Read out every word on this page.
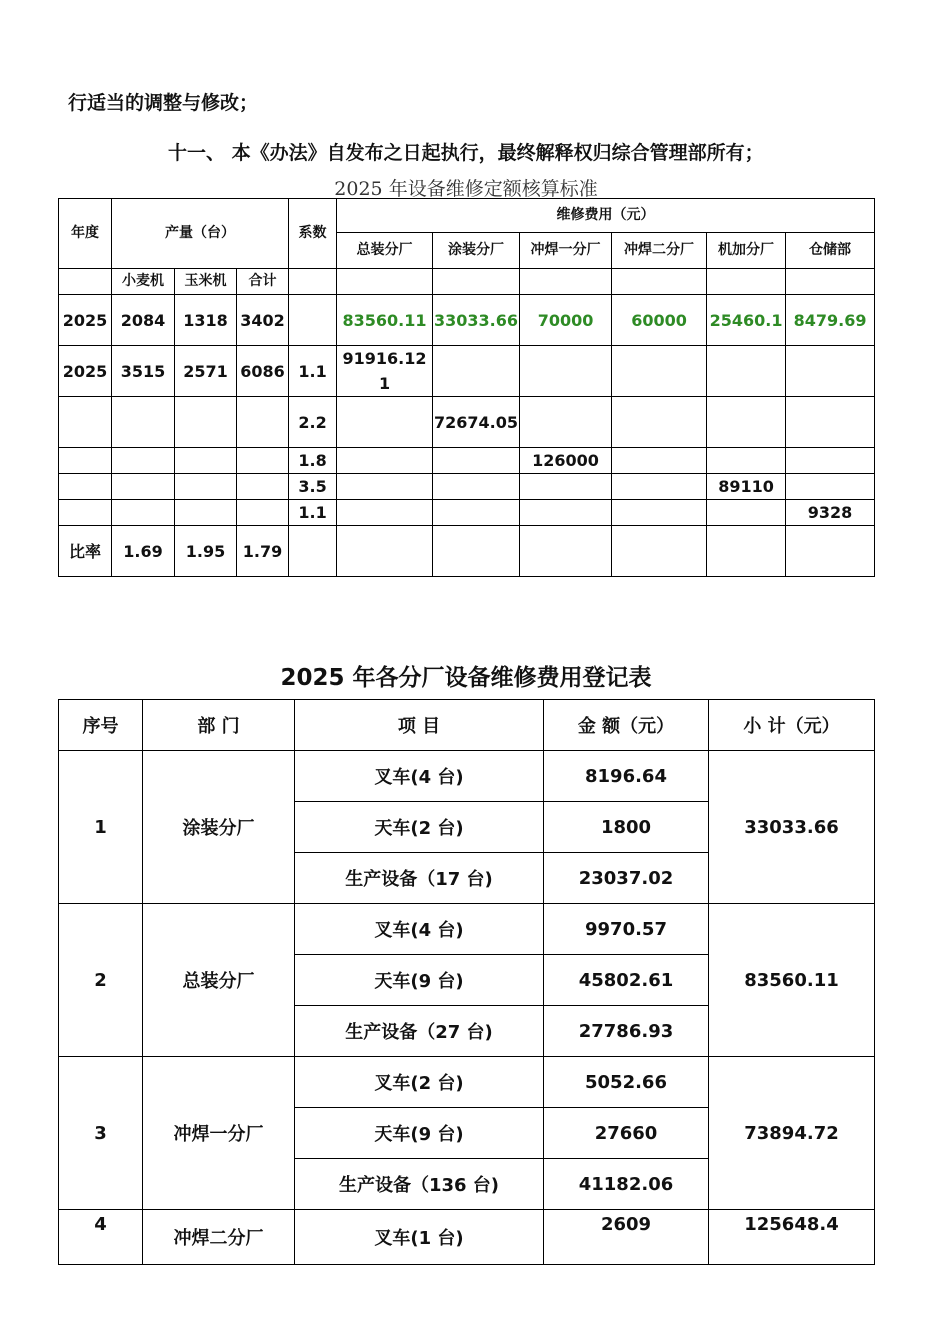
行适当的调整与修改；
十一、 本《办法》自发布之日起执行，最终解释权归综合管理部所有；
2025 年设备维修定额核算标准
年度	产量（台）			系数	维修费用（元）					
					总装分厂	涂装分厂	冲焊一分厂	冲焊二分厂	机加分厂	仓储部
	小麦机	玉米机	合计							
2025	2084	1318	3402		83560.11	33033.66	70000	60000	25460.1	8479.69
2025	3515	2571	6086	1.1	91916.121					
				2.2		72674.05				
				1.8			126000			
				3.5					89110	
				1.1						9328
比率	1.69	1.95	1.79							
2025 年各分厂设备维修费用登记表
序号	部 门	项 目	金 额（元）	小 计（元）
1	涂装分厂	叉车(4 台)	8196.64	33033.66
		天车(2 台)	1800	
		生产设备（17 台)	23037.02	
2	总装分厂	叉车(4 台)	9970.57	83560.11
		天车(9 台)	45802.61	
		生产设备（27 台)	27786.93	
3	冲焊一分厂	叉车(2 台)	5052.66	73894.72
		天车(9 台)	27660	
		生产设备（136 台)	41182.06	
4	冲焊二分厂	叉车(1 台)	2609	125648.4
